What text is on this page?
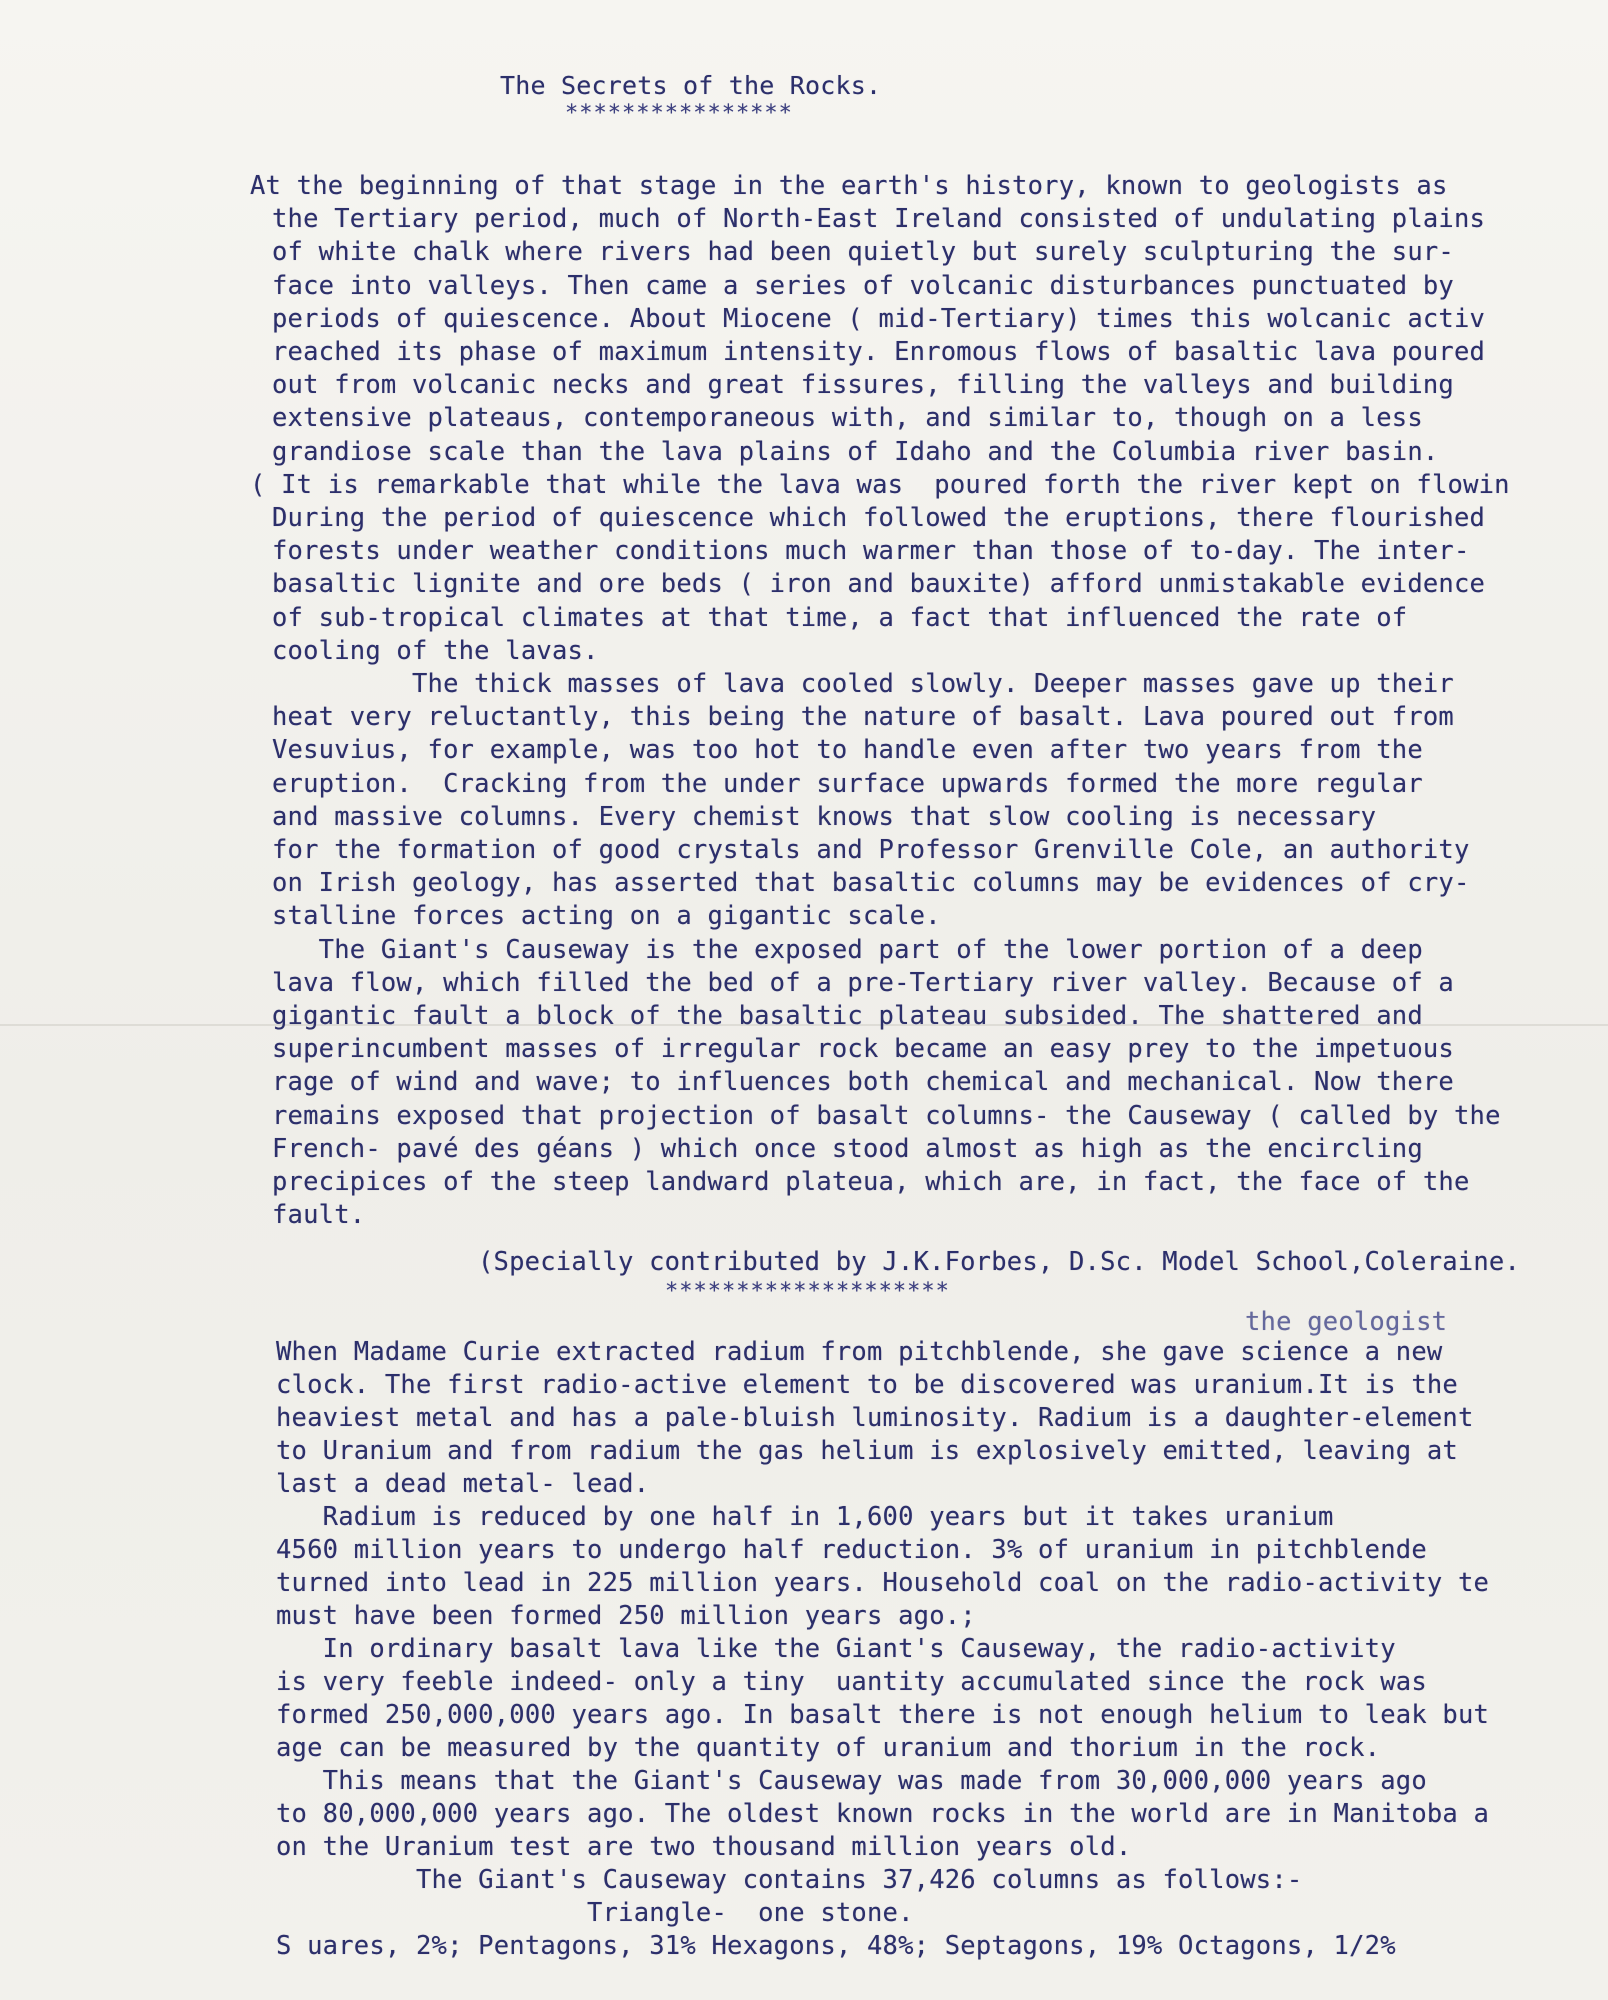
The Secrets of the Rocks.
****************
At the beginning of that stage in the earth's history, known to geologists as
the Tertiary period, much of North-East Ireland consisted of undulating plains
of white chalk where rivers had been quietly but surely sculpturing the sur-
face into valleys. Then came a series of volcanic disturbances punctuated by
periods of quiescence. About Miocene ( mid-Tertiary) times this wolcanic activ
reached its phase of maximum intensity. Enromous flows of basaltic lava poured
out from volcanic necks and great fissures, filling the valleys and building
extensive plateaus, contemporaneous with, and similar to, though on a less
grandiose scale than the lava plains of Idaho and the Columbia river basin.
( It is remarkable that while the lava was  poured forth the river kept on flowin
During the period of quiescence which followed the eruptions, there flourished
forests under weather conditions much warmer than those of to-day. The inter-
basaltic lignite and ore beds ( iron and bauxite) afford unmistakable evidence
of sub-tropical climates at that time, a fact that influenced the rate of
cooling of the lavas.
The thick masses of lava cooled slowly. Deeper masses gave up their
heat very reluctantly, this being the nature of basalt. Lava poured out from
Vesuvius, for example, was too hot to handle even after two years from the
eruption.  Cracking from the under surface upwards formed the more regular
and massive columns. Every chemist knows that slow cooling is necessary
for the formation of good crystals and Professor Grenville Cole, an authority
on Irish geology, has asserted that basaltic columns may be evidences of cry-
stalline forces acting on a gigantic scale.
The Giant's Causeway is the exposed part of the lower portion of a deep
lava flow, which filled the bed of a pre-Tertiary river valley. Because of a
gigantic fault a block of the basaltic plateau subsided. The shattered and
superincumbent masses of irregular rock became an easy prey to the impetuous
rage of wind and wave; to influences both chemical and mechanical. Now there
remains exposed that projection of basalt columns- the Causeway ( called by the
French- pavé des géans ) which once stood almost as high as the encircling
precipices of the steep landward plateua, which are, in fact, the face of the
fault.
(Specially contributed by J.K.Forbes, D.Sc. Model School,Coleraine.
********************
the geologist
When Madame Curie extracted radium from pitchblende, she gave science a new
clock. The first radio-active element to be discovered was uranium.It is the
heaviest metal and has a pale-bluish luminosity. Radium is a daughter-element
to Uranium and from radium the gas helium is explosively emitted, leaving at
last a dead metal- lead.
Radium is reduced by one half in 1,600 years but it takes uranium
4560 million years to undergo half reduction. 3% of uranium in pitchblende
turned into lead in 225 million years. Household coal on the radio-activity te
must have been formed 250 million years ago.;
In ordinary basalt lava like the Giant's Causeway, the radio-activity
is very feeble indeed- only a tiny  uantity accumulated since the rock was
formed 250,000,000 years ago. In basalt there is not enough helium to leak but
age can be measured by the quantity of uranium and thorium in the rock.
This means that the Giant's Causeway was made from 30,000,000 years ago
to 80,000,000 years ago. The oldest known rocks in the world are in Manitoba a
on the Uranium test are two thousand million years old.
The Giant's Causeway contains 37,426 columns as follows:-
Triangle-  one stone.
S uares, 2%; Pentagons, 31% Hexagons, 48%; Septagons, 19% Octagons, 1/2%
